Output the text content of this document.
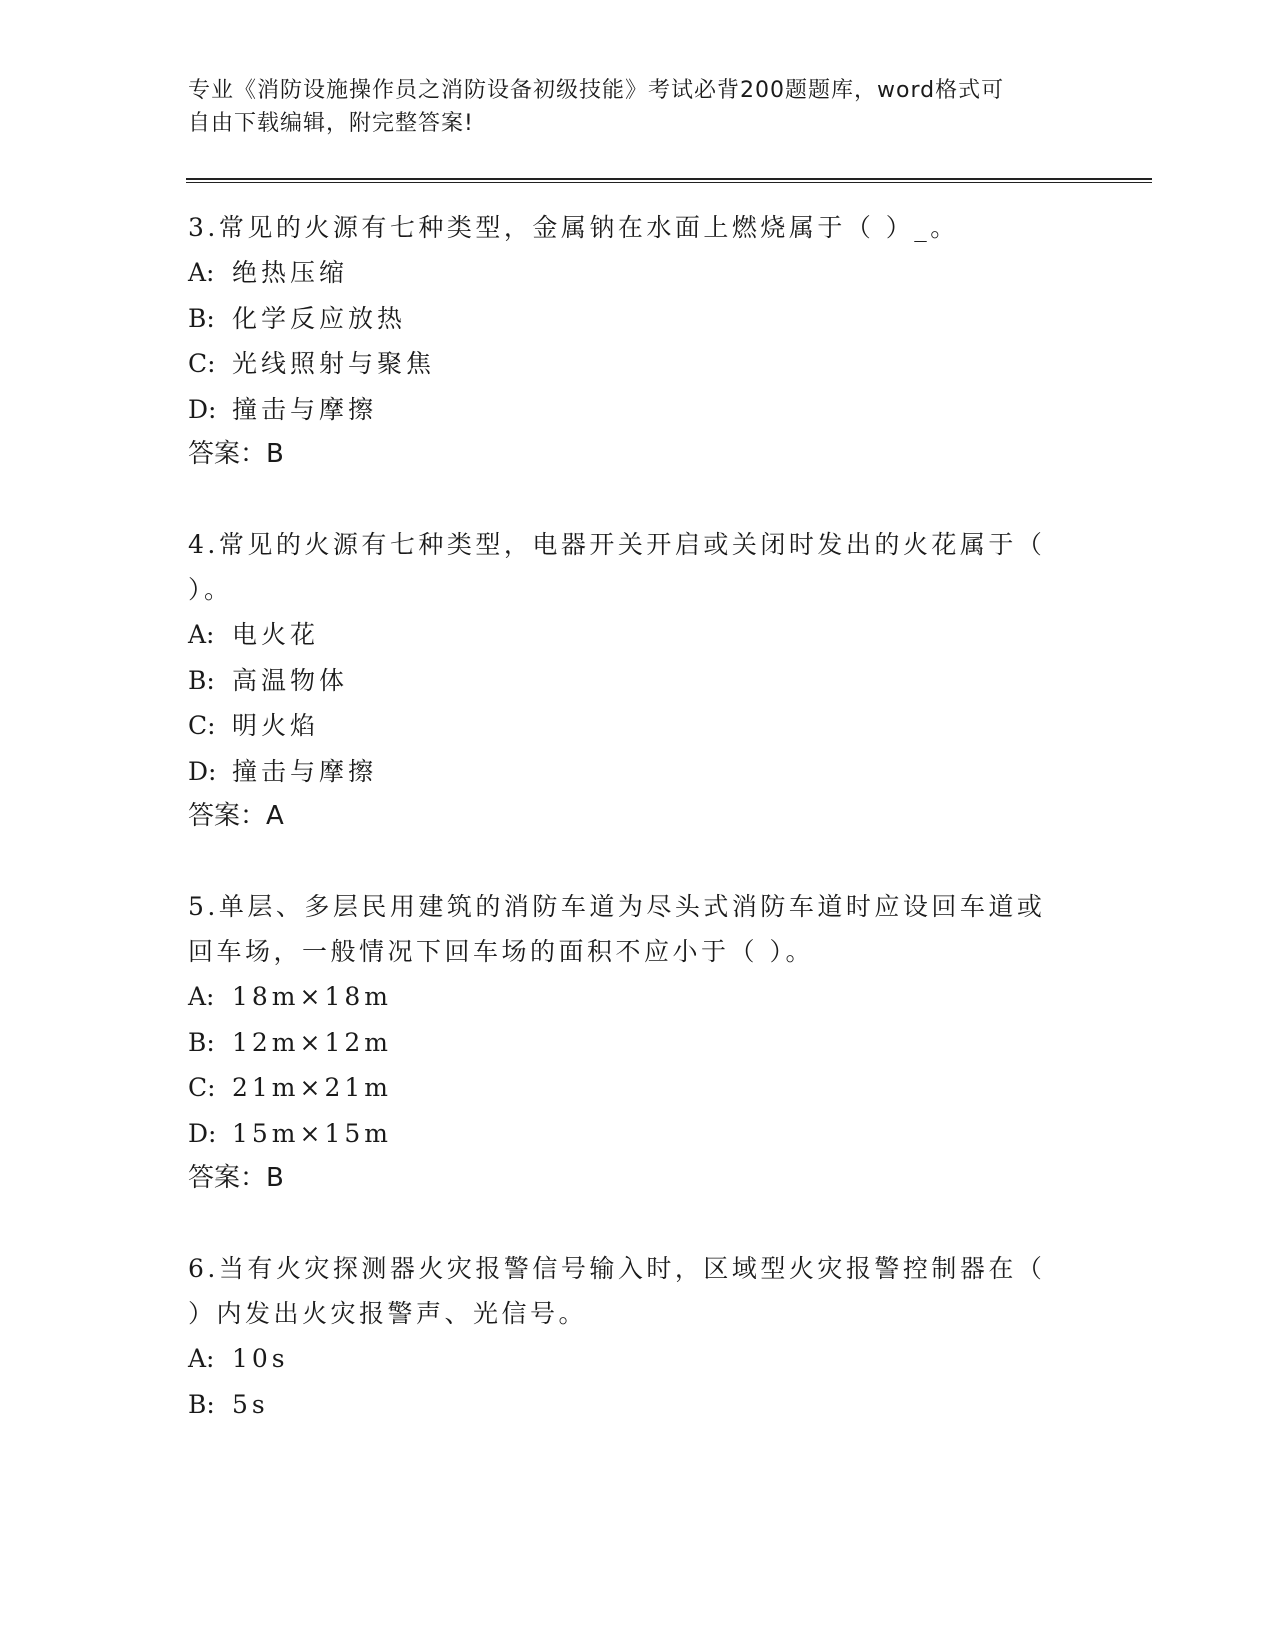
专业《消防设施操作员之消防设备初级技能》考试必背200题题库，word格式可
自由下载编辑，附完整答案!

3.常见的火源有七种类型，金属钠在水面上燃烧属于（ ）_。

A: 绝热压缩
B: 化学反应放热
C: 光线照射与聚焦
D: 撞击与摩擦

答案：B

4.常见的火源有七种类型，电器开关开启或关闭时发出的火花属于（ ）。

A: 电火花
B: 高温物体
C: 明火焰
D: 撞击与摩擦

答案：A

5.单层、多层民用建筑的消防车道为尽头式消防车道时应设回车道或回车场，一般情况下回车场的面积不应小于（ ）。

A: 18m×18m
B: 12m×12m
C: 21m×21m
D: 15m×15m

答案：B

6.当有火灾探测器火灾报警信号输入时，区域型火灾报警控制器在（ ）内发出火灾报警声、光信号。

A: 10s
B: 5s
